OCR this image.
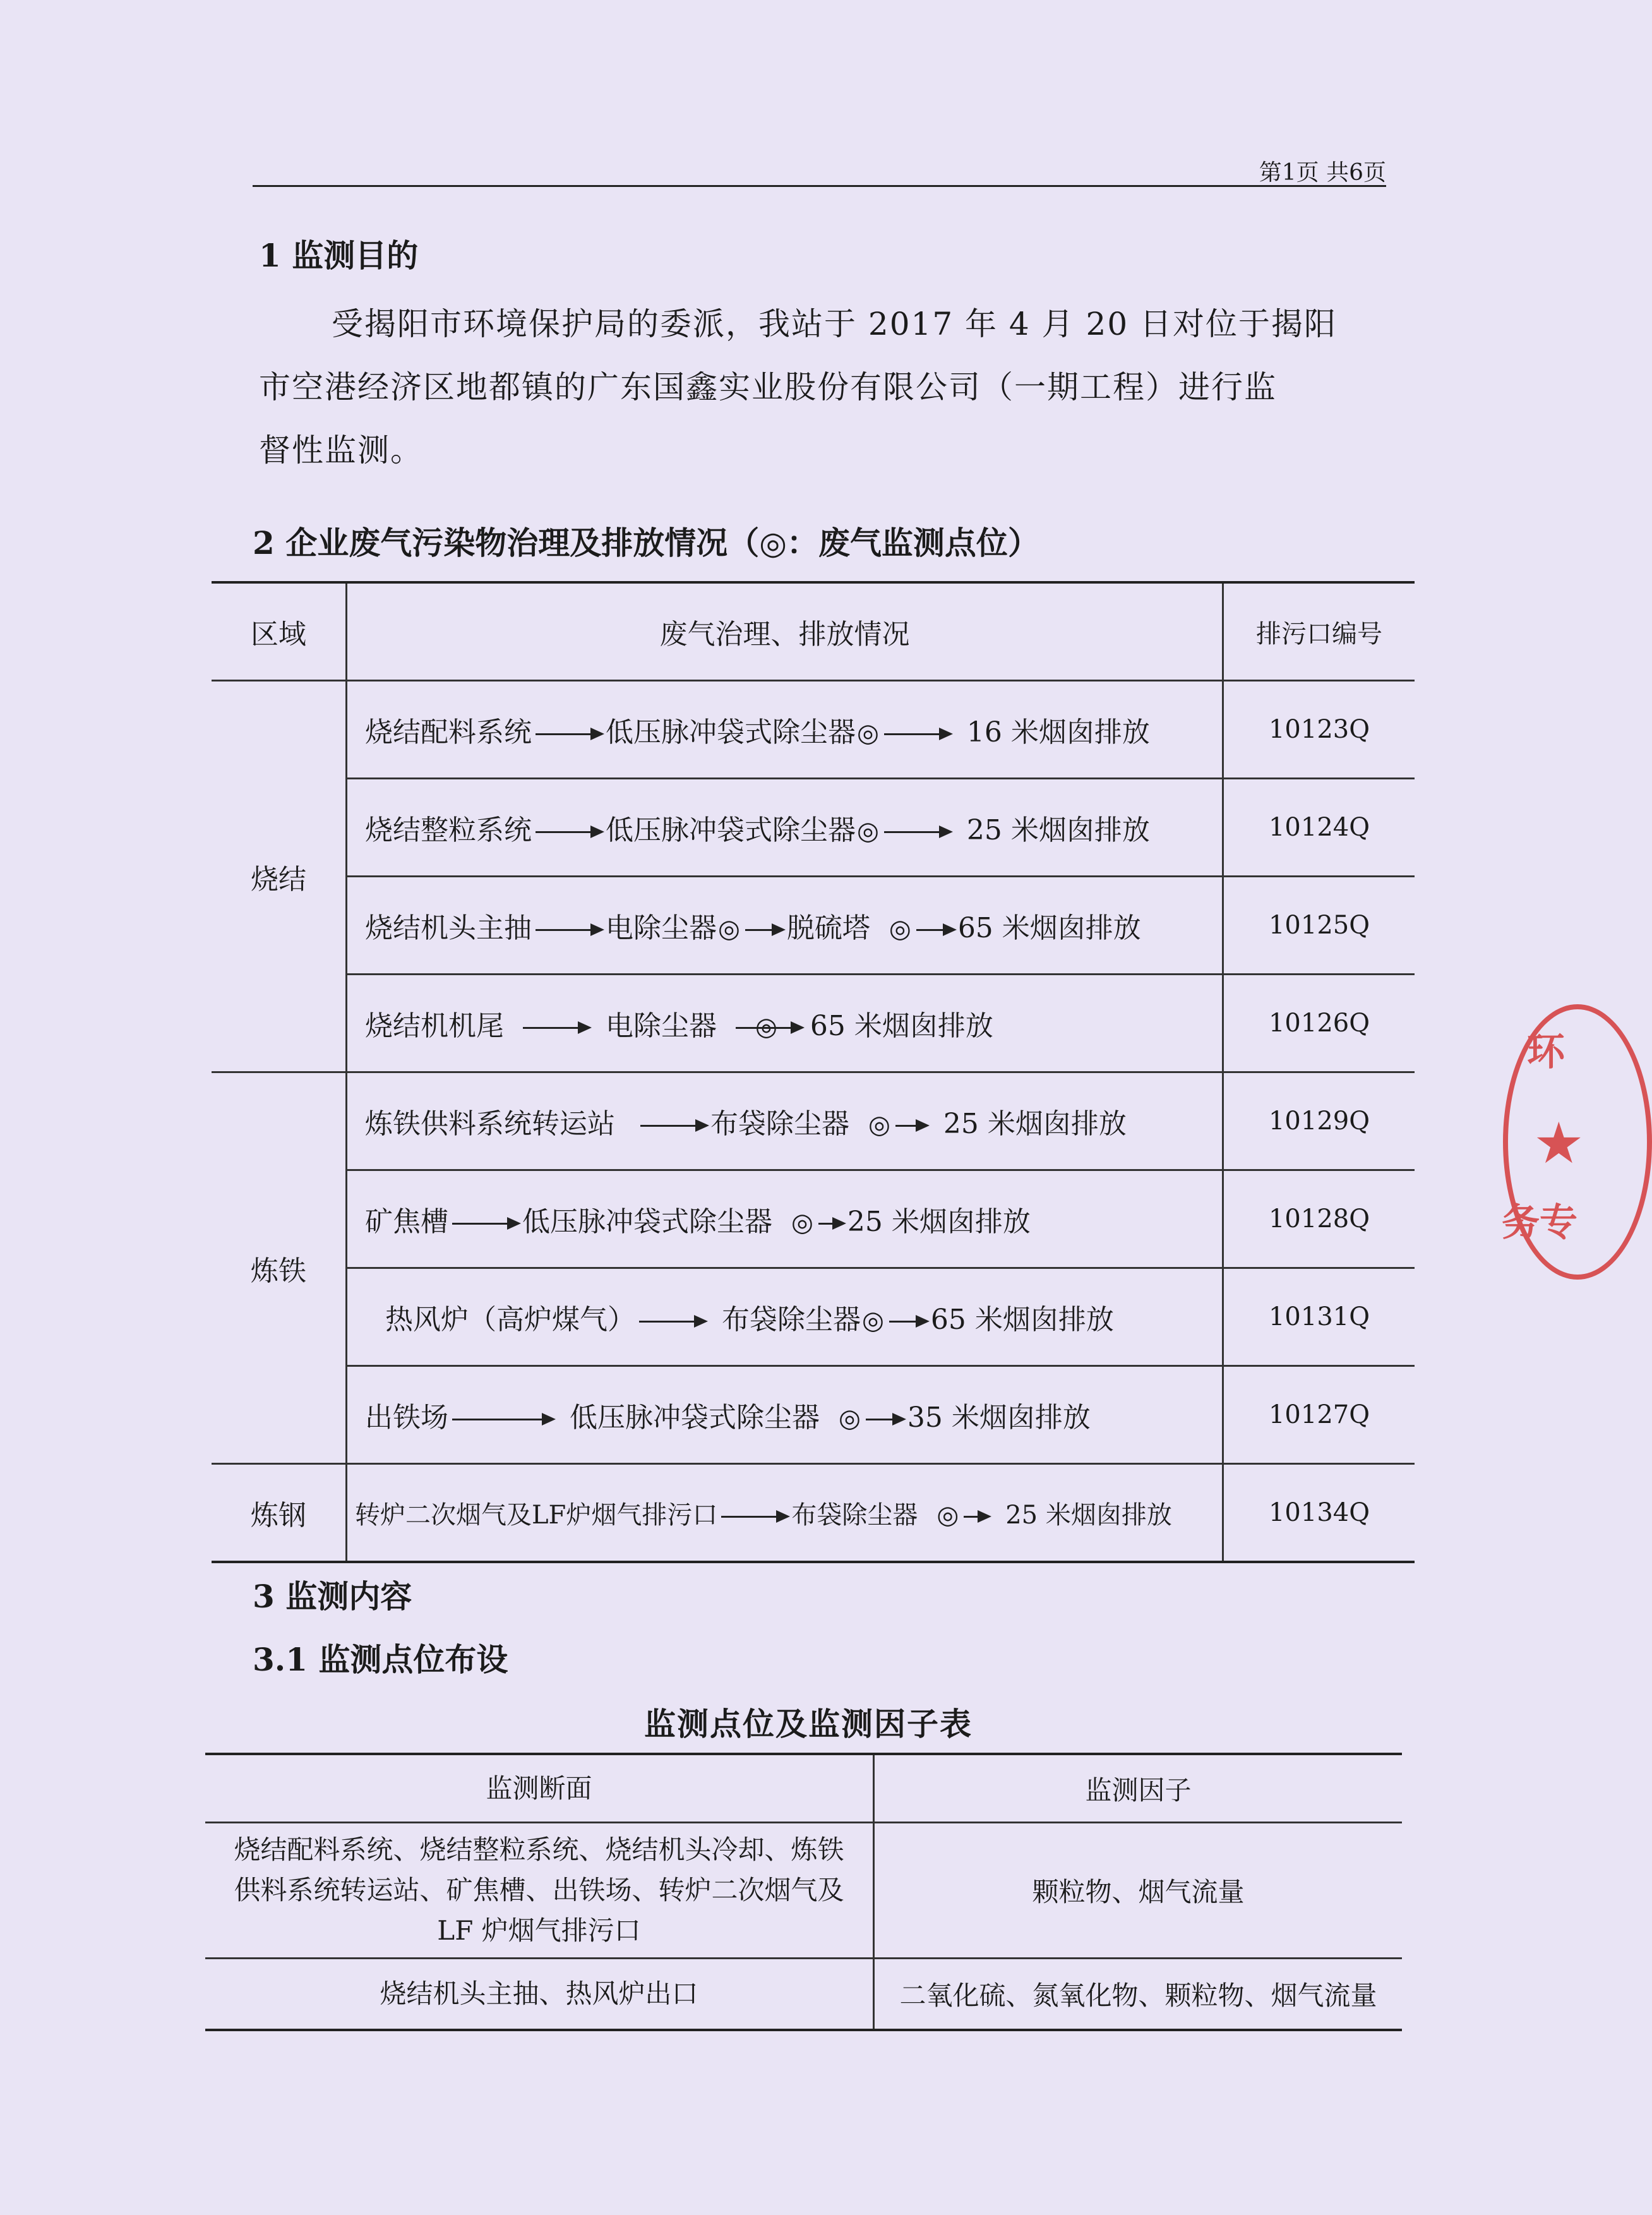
第1页 共6页
1 监测目的
受揭阳市环境保护局的委派，我站于 2017 年 4 月 20 日对位于揭阳
市空港经济区地都镇的广东国鑫实业股份有限公司（一期工程）进行监
督性监测。
2 企业废气污染物治理及排放情况（◎：废气监测点位）
区域	废气治理、排放情况	排污口编号
烧结	烧结配料系统 低压脉冲袋式除尘器◎ 16 米烟囱排放	10123Q
	烧结整粒系统 低压脉冲袋式除尘器◎ 25 米烟囱排放	10124Q
	烧结机头主抽 电除尘器◎ 脱硫塔 ◎ 65 米烟囱排放	10125Q
	烧结机机尾 电除尘器 ◎ 65 米烟囱排放	10126Q
炼铁	炼铁供料系统转运站 布袋除尘器 ◎ 25 米烟囱排放	10129Q
	矿焦槽 低压脉冲袋式除尘器 ◎ 25 米烟囱排放	10128Q
	热风炉（高炉煤气） 布袋除尘器◎ 65 米烟囱排放	10131Q
	出铁场 低压脉冲袋式除尘器 ◎ 35 米烟囱排放	10127Q
炼钢	转炉二次烟气及LF炉烟气排污口 布袋除尘器 ◎ 25 米烟囱排放	10134Q
3 监测内容
3.1 监测点位布设
监测点位及监测因子表
监测断面	监测因子

烧结配料系统、烧结整粒系统、烧结机头冷却、炼铁
供料系统转运站、矿焦槽、出铁场、转炉二次烟气及
LF 炉烟气排污口	颗粒物、烟气流量

烧结机头主抽、热风炉出口	二氧化硫、氮氧化物、颗粒物、烟气流量
环
★
务专
